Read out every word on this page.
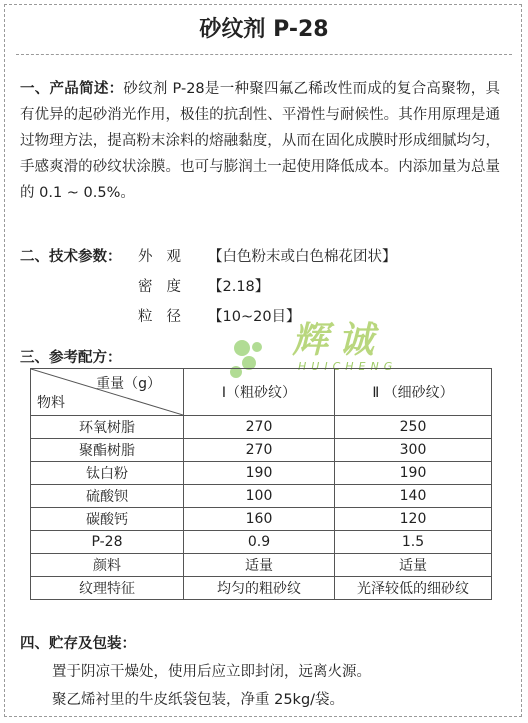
砂纹剂 P-28
一、产品简述：砂纹剂 P-28是一种聚四氟乙稀改性而成的复合高聚物，具有优异的起砂消光作用，极佳的抗刮性、平滑性与耐候性。其作用原理是通过物理方法，提高粉末涂料的熔融黏度，从而在固化成膜时形成细腻均匀，手感爽滑的砂纹状涂膜。也可与膨润土一起使用降低成本。内添加量为总量的 0.1 ~ 0.5%。
二、技术参数： 外观 【白色粉末或白色棉花团状】
密度 【2.18】
粒径 【10~20目】
辉诚
HUICHENG
三、参考配方：
重量（g）
物料	Ⅰ（粗砂纹）	Ⅱ （细砂纹）
环氧树脂	270	250
聚酯树脂	270	300
钛白粉	190	190
硫酸钡	100	140
碳酸钙	160	120
P-28	0.9	1.5
颜料	适量	适量
纹理特征	均匀的粗砂纹	光泽较低的细砂纹
四、贮存及包装：
置于阴凉干燥处，使用后应立即封闭，远离火源。
聚乙烯衬里的牛皮纸袋包装，净重 25kg/袋。
